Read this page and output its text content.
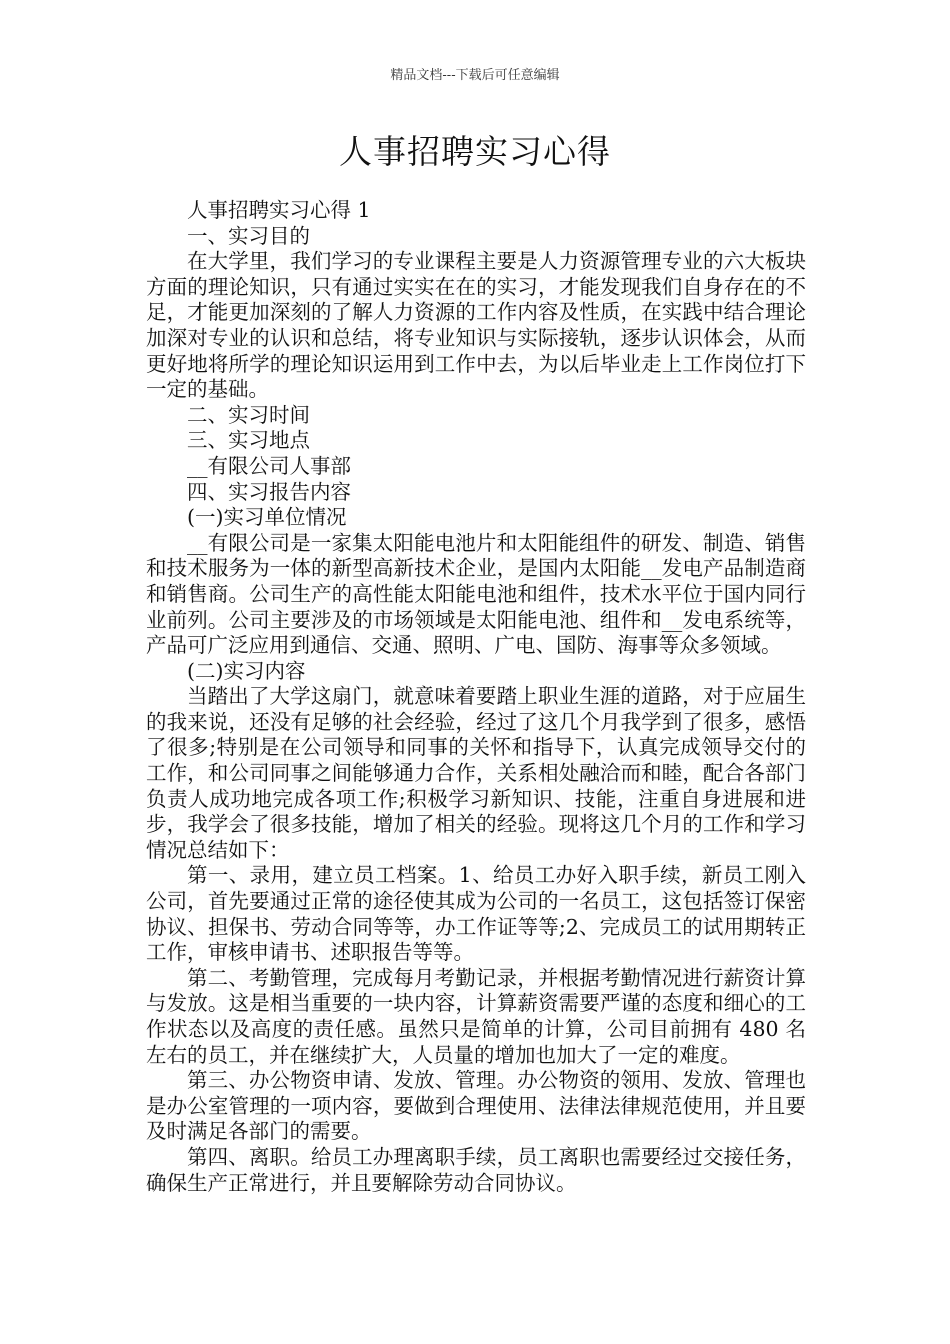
精品文档---下载后可任意编辑
人事招聘实习心得

人事招聘实习心得 1

一、实习目的

在大学里，我们学习的专业课程主要是人力资源管理专业的六大板块方面的理论知识，只有通过实实在在的实习，才能发现我们自身存在的不足，才能更加深刻的了解人力资源的工作内容及性质，在实践中结合理论加深对专业的认识和总结，将专业知识与实际接轨，逐步认识体会，从而更好地将所学的理论知识运用到工作中去，为以后毕业走上工作岗位打下一定的基础。

二、实习时间

三、实习地点

__有限公司人事部

四、实习报告内容

(一)实习单位情况

__有限公司是一家集太阳能电池片和太阳能组件的研发、制造、销售和技术服务为一体的新型高新技术企业，是国内太阳能__发电产品制造商和销售商。公司生产的高性能太阳能电池和组件，技术水平位于国内同行业前列。公司主要涉及的市场领域是太阳能电池、组件和__发电系统等，产品可广泛应用到通信、交通、照明、广电、国防、海事等众多领域。

(二)实习内容

当踏出了大学这扇门，就意味着要踏上职业生涯的道路，对于应届生的我来说，还没有足够的社会经验，经过了这几个月我学到了很多，感悟了很多;特别是在公司领导和同事的关怀和指导下，认真完成领导交付的工作，和公司同事之间能够通力合作，关系相处融洽而和睦，配合各部门负责人成功地完成各项工作;积极学习新知识、技能，注重自身进展和进步，我学会了很多技能，增加了相关的经验。现将这几个月的工作和学习情况总结如下：

第一、录用，建立员工档案。1、给员工办好入职手续，新员工刚入公司，首先要通过正常的途径使其成为公司的一名员工，这包括签订保密协议、担保书、劳动合同等等，办工作证等等;2、完成员工的试用期转正工作，审核申请书、述职报告等等。

第二、考勤管理，完成每月考勤记录，并根据考勤情况进行薪资计算与发放。这是相当重要的一块内容，计算薪资需要严谨的态度和细心的工作状态以及高度的责任感。虽然只是简单的计算，公司目前拥有 480 名左右的员工，并在继续扩大，人员量的增加也加大了一定的难度。

第三、办公物资申请、发放、管理。办公物资的领用、发放、管理也是办公室管理的一项内容，要做到合理使用、法律法律规范使用，并且要及时满足各部门的需要。

第四、离职。给员工办理离职手续，员工离职也需要经过交接任务，确保生产正常进行，并且要解除劳动合同协议。
